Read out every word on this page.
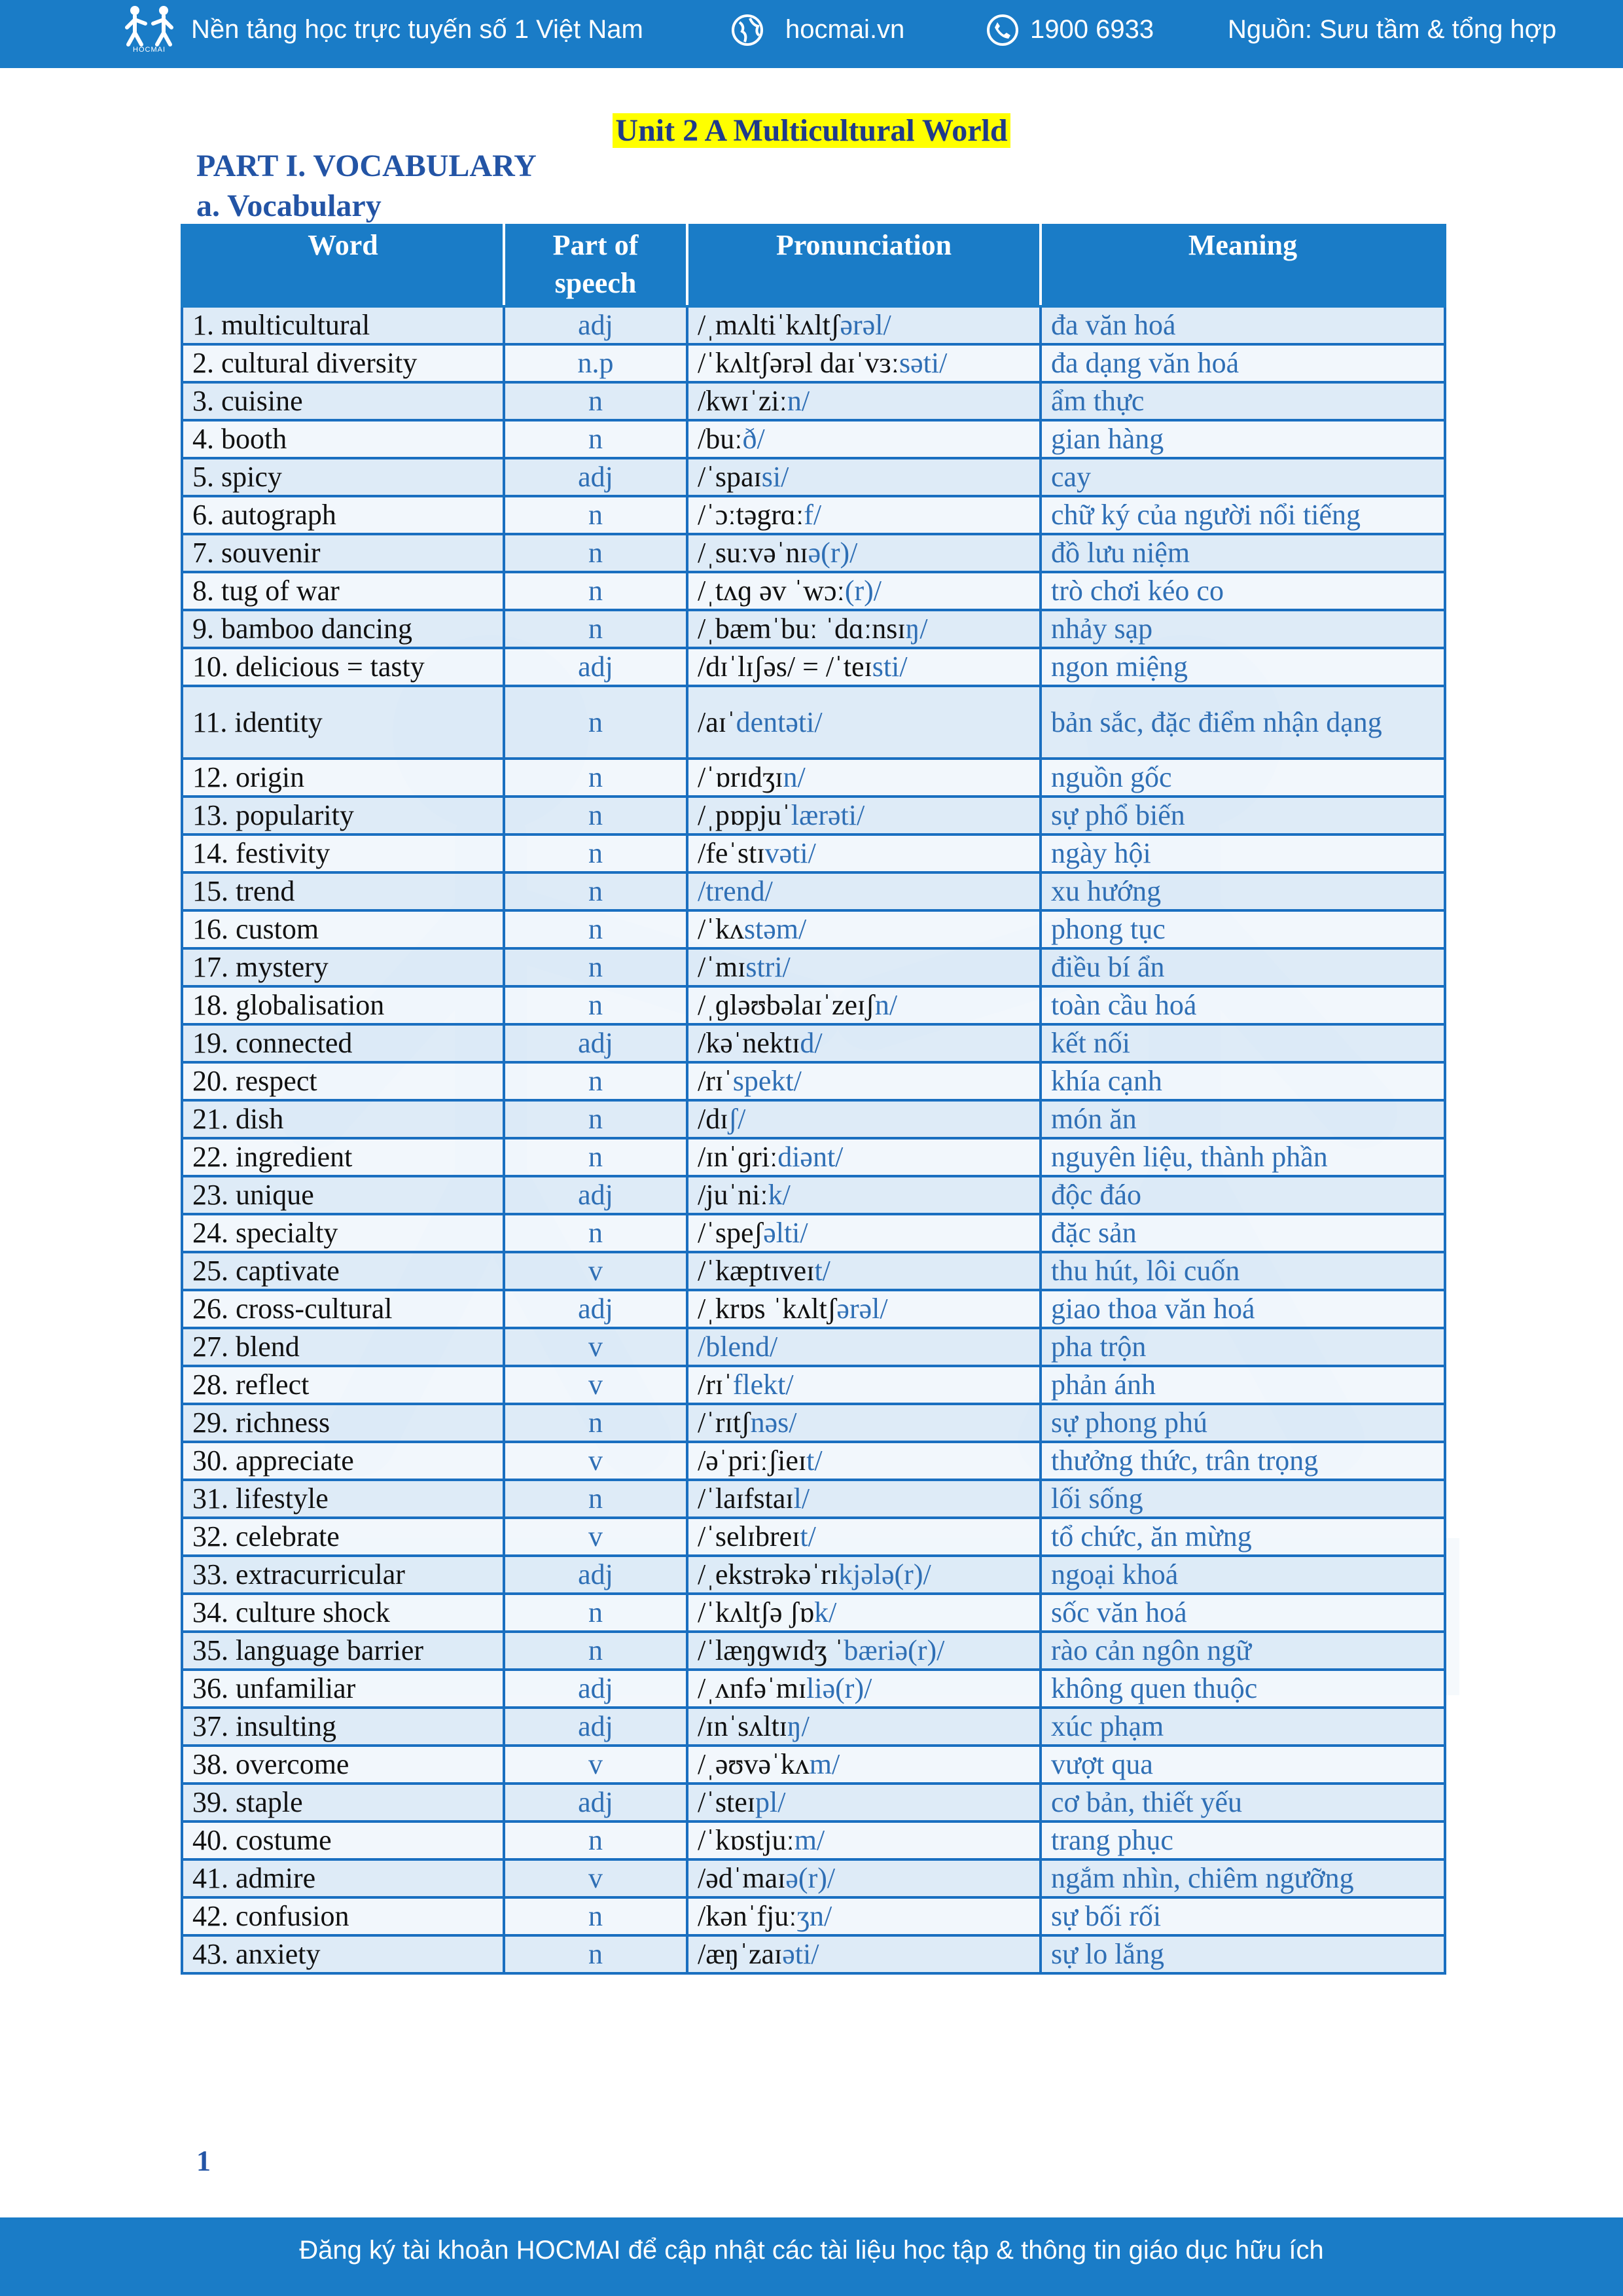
HOCMAI
Nền tảng học trực tuyến số 1 Việt Nam	hocmai.vn	1900 6933	Nguồn: Sưu tầm & tổng hợp
Unit 2 A Multicultural World
PART I. VOCABULARY
a. Vocabulary
Word	Part of speech	Pronunciation	Meaning
1. multicultural	adj	/ˌmʌltiˈkʌltʃərəl/	đa văn hoá
2. cultural diversity	n.p	/ˈkʌltʃərəl daɪˈvɜːsəti/	đa dạng văn hoá
3. cuisine	n	/kwɪˈziːn/	ẩm thực
4. booth	n	/buːð/	gian hàng
5. spicy	adj	/ˈspaɪsi/	cay
6. autograph	n	/ˈɔːtəgrɑːf/	chữ ký của người nổi tiếng
7. souvenir	n	/ˌsuːvəˈnɪə(r)/	đồ lưu niệm
8. tug of war	n	/ˌtʌɡ əv ˈwɔː(r)/	trò chơi kéo co
9. bamboo dancing	n	/ˌbæmˈbuː ˈdɑːnsɪŋ/	nhảy sạp
10. delicious = tasty	adj	/dɪˈlɪʃəs/ = /ˈteɪsti/	ngon miệng
11. identity	n	/aɪˈdentəti/	bản sắc, đặc điểm nhận dạng
12. origin	n	/ˈɒrɪdʒɪn/	nguồn gốc
13. popularity	n	/ˌpɒpjuˈlærəti/	sự phổ biến
14. festivity	n	/feˈstɪvəti/	ngày hội
15. trend	n	/trend/	xu hướng
16. custom	n	/ˈkʌstəm/	phong tục
17. mystery	n	/ˈmɪstri/	điều bí ẩn
18. globalisation	n	/ˌɡləʊbəlaɪˈzeɪʃn/	toàn cầu hoá
19. connected	adj	/kəˈnektɪd/	kết nối
20. respect	n	/rɪˈspekt/	khía cạnh
21. dish	n	/dɪʃ/	món ăn
22. ingredient	n	/ɪnˈɡriːdiənt/	nguyên liệu, thành phần
23. unique	adj	/juˈniːk/	độc đáo
24. specialty	n	/ˈspeʃəlti/	đặc sản
25. captivate	v	/ˈkæptɪveɪt/	thu hút, lôi cuốn
26. cross-cultural	adj	/ˌkrɒs ˈkʌltʃərəl/	giao thoa văn hoá
27. blend	v	/blend/	pha trộn
28. reflect	v	/rɪˈflekt/	phản ánh
29. richness	n	/ˈrɪtʃnəs/	sự phong phú
30. appreciate	v	/əˈpriːʃieɪt/	thưởng thức, trân trọng
31. lifestyle	n	/ˈlaɪfstaɪl/	lối sống
32. celebrate	v	/ˈselɪbreɪt/	tổ chức, ăn mừng
33. extracurricular	adj	/ˌekstrəkəˈrɪkjələ(r)/	ngoại khoá
34. culture shock	n	/ˈkʌltʃə ʃɒk/	sốc văn hoá
35. language barrier	n	/ˈlæŋɡwɪdʒ ˈbæriə(r)/	rào cản ngôn ngữ
36. unfamiliar	adj	/ˌʌnfəˈmɪliə(r)/	không quen thuộc
37. insulting	adj	/ɪnˈsʌltɪŋ/	xúc phạm
38. overcome	v	/ˌəʊvəˈkʌm/	vượt qua
39. staple	adj	/ˈsteɪpl/	cơ bản, thiết yếu
40. costume	n	/ˈkɒstjuːm/	trang phục
41. admire	v	/ədˈmaɪə(r)/	ngắm nhìn, chiêm ngưỡng
42. confusion	n	/kənˈfjuːʒn/	sự bối rối
43. anxiety	n	/æŋˈzaɪəti/	sự lo lắng
1
Đăng ký tài khoản HOCMAI để cập nhật các tài liệu học tập & thông tin giáo dục hữu ích
